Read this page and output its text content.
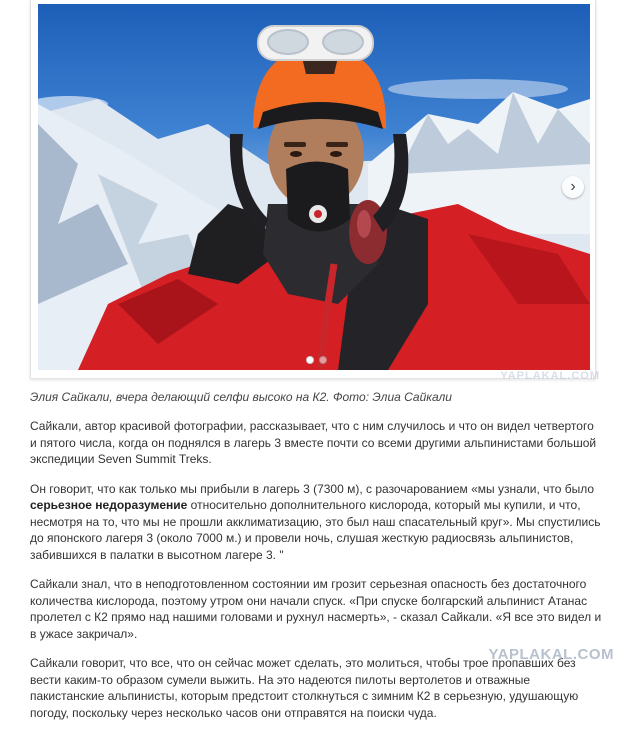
›
YAPLAKAL.COM
Элия Сайкали, вчера делающий селфи высоко на К2. Фото: Элиа Сайкали

Сайкали, автор красивой фотографии, рассказывает, что с ним случилось и что он видел четвертого и пятого числа, когда он поднялся в лагерь 3 вместе почти со всеми другими альпинистами большой экспедиции Seven Summit Treks.

Он говорит, что как только мы прибыли в лагерь 3 (7300 м), с разочарованием «мы узнали, что было серьезное недоразумение относительно дополнительного кислорода, который мы купили, и что, несмотря на то, что мы не прошли акклиматизацию, это был наш спасательный круг». Мы спустились до японского лагеря 3 (около 7000 м.) и провели ночь, слушая жесткую радиосвязь альпинистов, забившихся в палатки в высотном лагере 3. "

Сайкали знал, что в неподготовленном состоянии им грозит серьезная опасность без достаточного количества кислорода, поэтому утром они начали спуск. «При спуске болгарский альпинист Атанас пролетел с К2 прямо над нашими головами и рухнул насмерть», - сказал Сайкали. «Я все это видел и в ужасе закричал».

Сайкали говорит, что все, что он сейчас может сделать, это молиться, чтобы трое пропавших без вести каким-то образом сумели выжить. На это надеются пилоты вертолетов и отважные пакистанские альпинисты, которым предстоит столкнуться с зимним К2 в серьезную, удушающую погоду, поскольку через несколько часов они отправятся на поиски чуда.	YAPLAKAL.COM
